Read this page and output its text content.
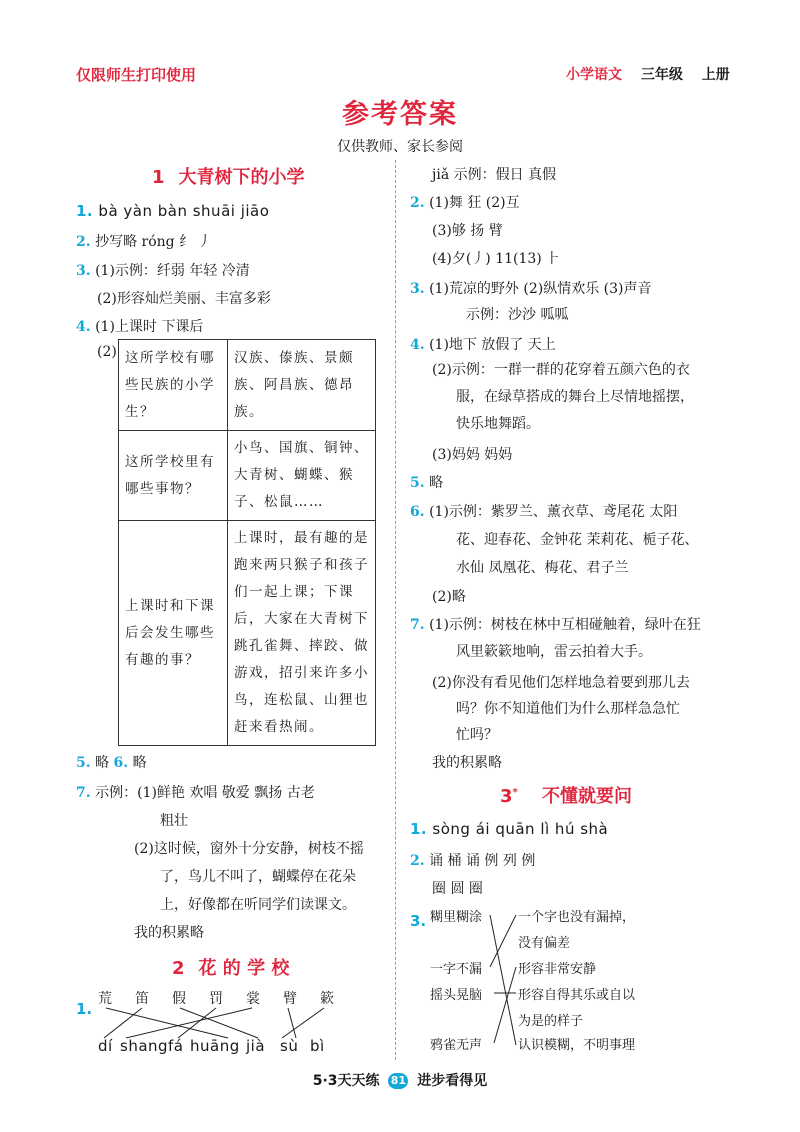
仅限师生打印使用	小学语文 三年级 上册
参考答案
仅供教师、家长参阅
1 大青树下的小学
1. bà yàn bàn shuāi jiāo
2. 抄写略 róng 纟 丿
3. (1)示例：纤弱 年轻 冷清
(2)形容灿烂美丽、丰富多彩
4. (1)上课时 下课后
(2) 这所学校有哪些民族的小学生？	汉族、傣族、景颇族、阿昌族、德昂族。
这所学校里有哪些事物？	小鸟、国旗、铜钟、大青树、蝴蝶、猴子、松鼠……
上课时和下课后会发生哪些有趣的事？	上课时，最有趣的是跑来两只猴子和孩子们一起上课；下课后，大家在大青树下跳孔雀舞、摔跤、做游戏，招引来许多小鸟，连松鼠、山狸也赶来看热闹。
5. 略 6. 略
7. 示例：(1)鲜艳 欢唱 敬爱 飘扬 古老
粗壮
(2)这时候，窗外十分安静，树枝不摇
了，鸟儿不叫了，蝴蝶停在花朵
上，好像都在听同学们读课文。
我的积累略
2 花 的 学 校
1.
荒 笛 假 罚 裳 臂 簌
dí shangfá huāng jià sù bì
jiǎ 示例：假日 真假
2. (1)舞 狂 (2)互
(3)够 扬 臂
(4)夕(丿) 11(13) ⺊
3. (1)荒凉的野外 (2)纵情欢乐 (3)声音
示例：沙沙 呱呱
4. (1)地下 放假了 天上
(2)示例：一群一群的花穿着五颜六色的衣
服，在绿草搭成的舞台上尽情地摇摆，
快乐地舞蹈。
(3)妈妈 妈妈
5. 略
6. (1)示例：紫罗兰、薰衣草、鸢尾花 太阳
花、迎春花、金钟花 茉莉花、栀子花、
水仙 凤凰花、梅花、君子兰
(2)略
7. (1)示例：树枝在林中互相碰触着，绿叶在狂
风里簌簌地响，雷云拍着大手。
(2)你没有看见他们怎样地急着要到那儿去
吗？你不知道他们为什么那样急急忙
忙吗？
我的积累略
3* 不懂就要问
1. sòng ái quān lì hú shà
2. 诵 桶 诵 例 列 例
圈 圆 圈
3. 糊里糊涂
一字不漏
摇头晃脑
鸦雀无声
一个字也没有漏掉，
没有偏差
形容非常安静
形容自得其乐或自以
为是的样子
认识模糊，不明事理
5·3天天练 81 进步看得见
